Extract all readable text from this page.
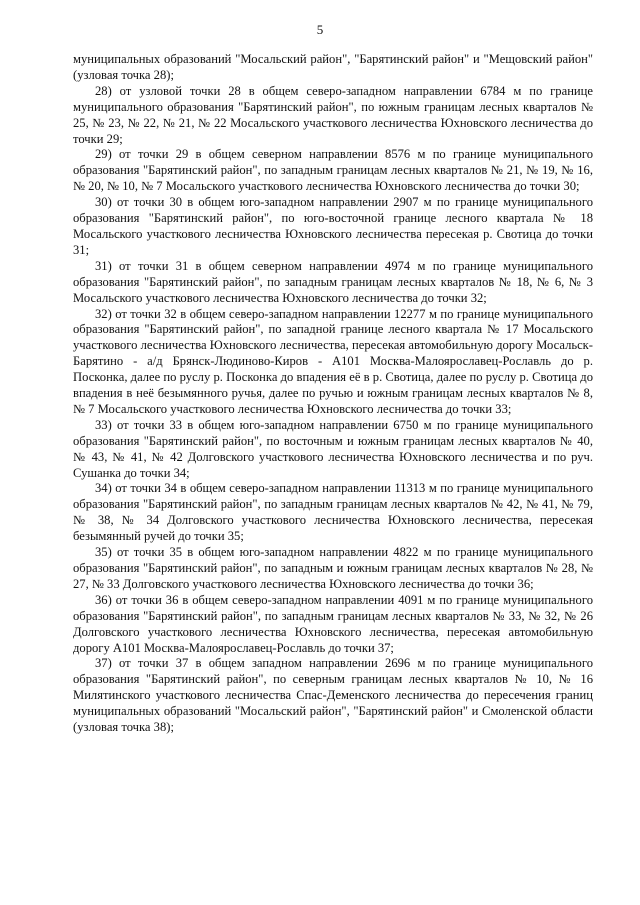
5

муниципальных образований "Мосальский район", "Барятинский район" и "Мещовский район" (узловая точка 28);

28) от узловой точки 28 в общем северо-западном направлении 6784 м по границе муниципального образования "Барятинский район", по южным границам лесных кварталов № 25, № 23, № 22, № 21, № 22 Мосальского участкового лесничества Юхновского лесничества до точки 29;

29) от точки 29 в общем северном направлении 8576 м по границе муниципального образования "Барятинский район", по западным границам лесных кварталов № 21, № 19, № 16, № 20, № 10, № 7 Мосальского участкового лесничества Юхновского лесничества до точки 30;

30) от точки 30 в общем юго-западном направлении 2907 м по границе муниципального образования "Барятинский район", по юго-восточной границе лесного квартала № 18 Мосальского участкового лесничества Юхновского лесничества пересекая р. Свотица до точки 31;

31) от точки 31 в общем северном направлении 4974 м по границе муниципального образования "Барятинский район", по западным границам лесных кварталов № 18, № 6, № 3 Мосальского участкового лесничества Юхновского лесничества до точки 32;

32) от точки 32 в общем северо-западном направлении 12277 м по границе муниципального образования "Барятинский район", по западной границе лесного квартала № 17 Мосальского участкового лесничества Юхновского лесничества, пересекая автомобильную дорогу Мосальск-Барятино - а/д Брянск-Людиново-Киров - А101 Москва-Малоярославец-Рославль до р. Посконка, далее по руслу р. Посконка до впадения её в р. Свотица, далее по руслу р. Свотица до впадения в неё безымянного ручья, далее по ручью и южным границам лесных кварталов № 8, № 7 Мосальского участкового лесничества Юхновского лесничества до точки 33;

33) от точки 33 в общем юго-западном направлении 6750 м по границе муниципального образования "Барятинский район", по восточным и южным границам лесных кварталов № 40, № 43, № 41, № 42 Долговского участкового лесничества Юхновского лесничества и по руч. Сушанка до точки 34;

34) от точки 34 в общем северо-западном направлении 11313 м по границе муниципального образования "Барятинский район", по западным границам лесных кварталов № 42, № 41, № 79, № 38, № 34 Долговского участкового лесничества Юхновского лесничества, пересекая безымянный ручей до точки 35;

35) от точки 35 в общем юго-западном направлении 4822 м по границе муниципального образования "Барятинский район", по западным и южным границам лесных кварталов № 28, № 27, № 33 Долговского участкового лесничества Юхновского лесничества до точки 36;

36) от точки 36 в общем северо-западном направлении 4091 м по границе муниципального образования "Барятинский район", по западным границам лесных кварталов № 33, № 32, № 26 Долговского участкового лесничества Юхновского лесничества, пересекая автомобильную дорогу А101 Москва-Малоярославец-Рославль до точки 37;

37) от точки 37 в общем западном направлении 2696 м по границе муниципального образования "Барятинский район", по северным границам лесных кварталов № 10, № 16 Милятинского участкового лесничества Спас-Деменского лесничества до пересечения границ муниципальных образований "Мосальский район", "Барятинский район" и Смоленской области (узловая точка 38);
